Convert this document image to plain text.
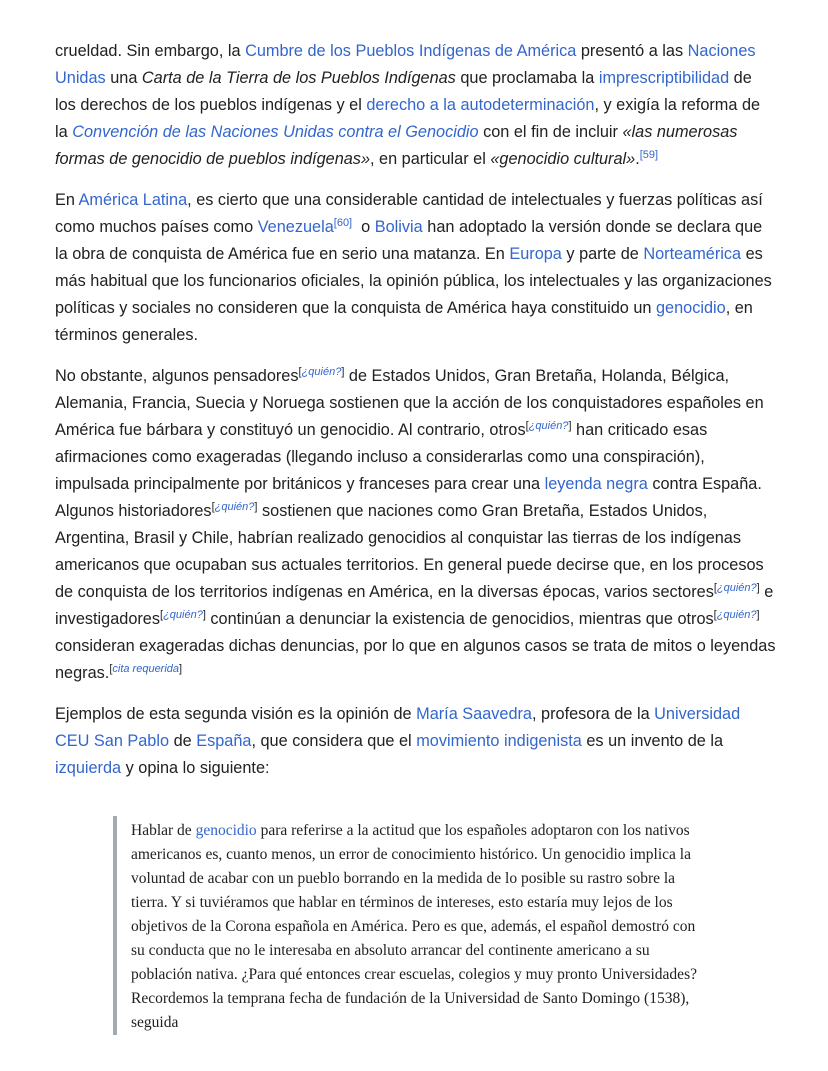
crueldad. Sin embargo, la Cumbre de los Pueblos Indígenas de América presentó a las Naciones Unidas una Carta de la Tierra de los Pueblos Indígenas que proclamaba la imprescriptibilidad de los derechos de los pueblos indígenas y el derecho a la autodeterminación, y exigía la reforma de la Convención de las Naciones Unidas contra el Genocidio con el fin de incluir «las numerosas formas de genocidio de pueblos indígenas», en particular el «genocidio cultural».[59]

En América Latina, es cierto que una considerable cantidad de intelectuales y fuerzas políticas así como muchos países como Venezuela[60]  o Bolivia han adoptado la versión donde se declara que la obra de conquista de América fue en serio una matanza. En Europa y parte de Norteamérica es más habitual que los funcionarios oficiales, la opinión pública, los intelectuales y las organizaciones políticas y sociales no consideren que la conquista de América haya constituido un genocidio, en términos generales.

No obstante, algunos pensadores[¿quién?] de Estados Unidos, Gran Bretaña, Holanda, Bélgica, Alemania, Francia, Suecia y Noruega sostienen que la acción de los conquistadores españoles en América fue bárbara y constituyó un genocidio. Al contrario, otros[¿quién?] han criticado esas afirmaciones como exageradas (llegando incluso a considerarlas como una conspiración), impulsada principalmente por británicos y franceses para crear una leyenda negra contra España. Algunos historiadores[¿quién?] sostienen que naciones como Gran Bretaña, Estados Unidos, Argentina, Brasil y Chile, habrían realizado genocidios al conquistar las tierras de los indígenas americanos que ocupaban sus actuales territorios. En general puede decirse que, en los procesos de conquista de los territorios indígenas en América, en la diversas épocas, varios sectores[¿quién?] e investigadores[¿quién?] continúan a denunciar la existencia de genocidios, mientras que otros[¿quién?] consideran exageradas dichas denuncias, por lo que en algunos casos se trata de mitos o leyendas negras.[cita requerida]

Ejemplos de esta segunda visión es la opinión de María Saavedra, profesora de la Universidad CEU San Pablo de España, que considera que el movimiento indigenista es un invento de la izquierda y opina lo siguiente:

Hablar de genocidio para referirse a la actitud que los españoles adoptaron con los nativos americanos es, cuanto menos, un error de conocimiento histórico. Un genocidio implica la voluntad de acabar con un pueblo borrando en la medida de lo posible su rastro sobre la tierra. Y si tuviéramos que hablar en términos de intereses, esto estaría muy lejos de los objetivos de la Corona española en América. Pero es que, además, el español demostró con su conducta que no le interesaba en absoluto arrancar del continente americano a su población nativa. ¿Para qué entonces crear escuelas, colegios y muy pronto Universidades? Recordemos la temprana fecha de fundación de la Universidad de Santo Domingo (1538), seguida
